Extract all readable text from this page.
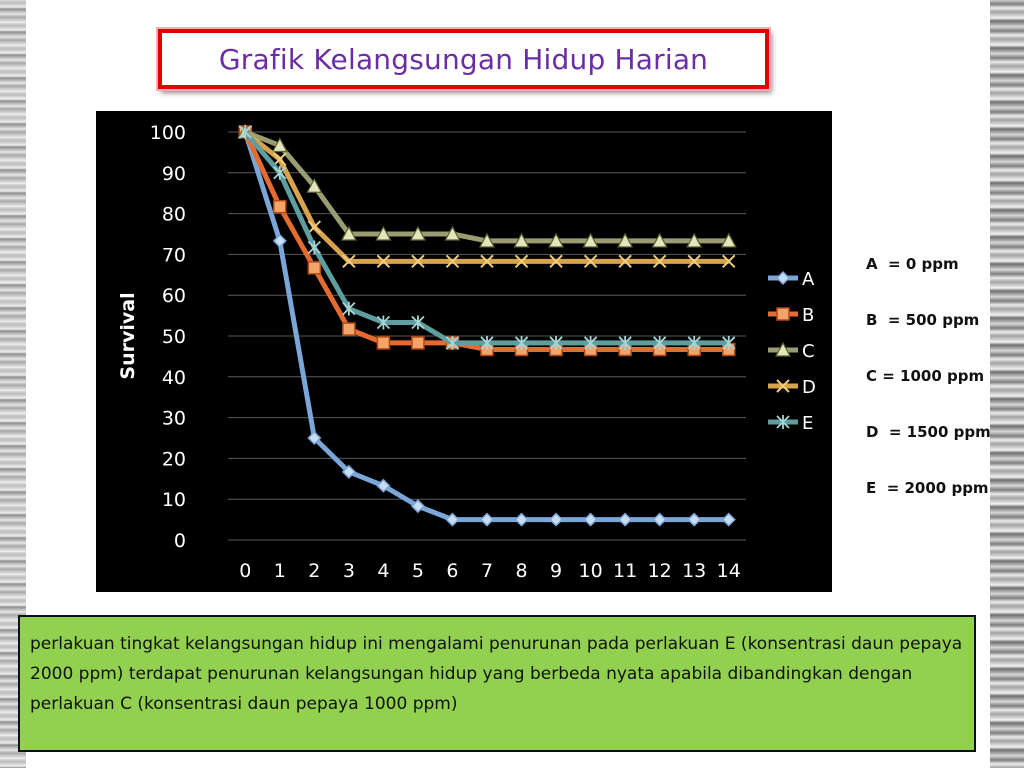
Grafik Kelangsungan Hidup Harian
0
10
20
30
40
50
60
70
80
90
100
0 1 2 3 4 5 6 7 8 9 10 11 12 13 14
Survival
A
B
C
D
E
A  = 0 ppm
B  = 500 ppm
C = 1000 ppm
D  = 1500 ppm
E  = 2000 ppm
perlakuan tingkat kelangsungan hidup ini mengalami penurunan pada perlakuan E (konsentrasi daun pepaya 2000 ppm) terdapat penurunan kelangsungan hidup yang berbeda nyata apabila dibandingkan dengan perlakuan C (konsentrasi daun pepaya 1000 ppm)
